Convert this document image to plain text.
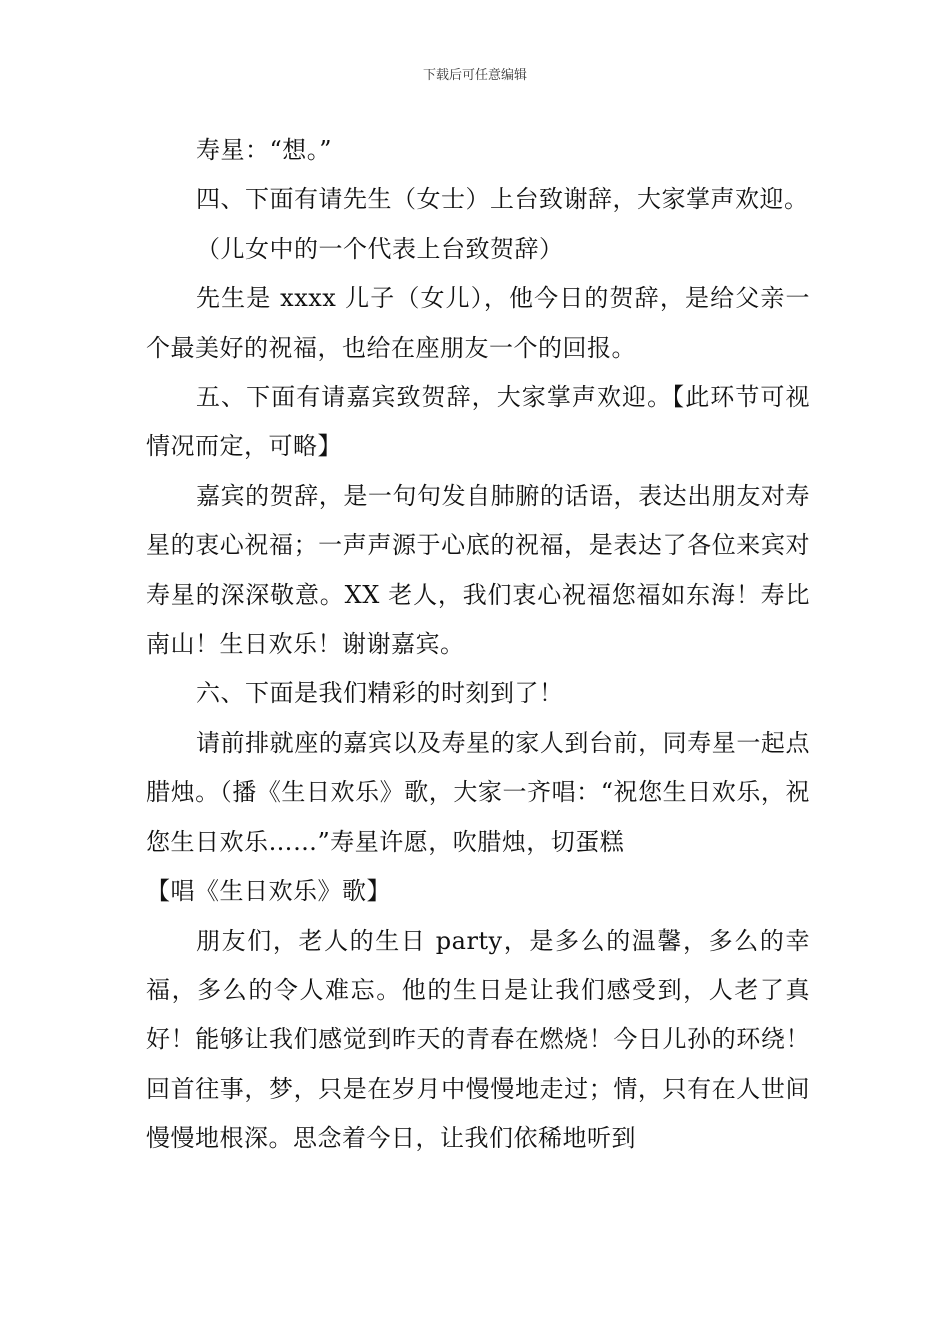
下载后可任意编辑

寿星：“想。”

四、下面有请先生（女士）上台致谢辞，大家掌声欢迎。

（儿女中的一个代表上台致贺辞）

先生是 xxxx 儿子（女儿），他今日的贺辞，是给父亲一个最美好的祝福，也给在座朋友一个的回报。

五、下面有请嘉宾致贺辞，大家掌声欢迎。【此环节可视情况而定，可略】

嘉宾的贺辞，是一句句发自肺腑的话语，表达出朋友对寿星的衷心祝福；一声声源于心底的祝福，是表达了各位来宾对寿星的深深敬意。XX 老人，我们衷心祝福您福如东海！寿比南山！生日欢乐！谢谢嘉宾。

六、下面是我们精彩的时刻到了！

请前排就座的嘉宾以及寿星的家人到台前，同寿星一起点腊烛。（播《生日欢乐》歌，大家一齐唱：“祝您生日欢乐，祝您生日欢乐……”寿星许愿，吹腊烛，切蛋糕

【唱《生日欢乐》歌】

朋友们，老人的生日 party，是多么的温馨，多么的幸福，多么的令人难忘。他的生日是让我们感受到，人老了真好！能够让我们感觉到昨天的青春在燃烧！今日儿孙的环绕！回首往事，梦，只是在岁月中慢慢地走过；情，只有在人世间慢慢地根深。思念着今日，让我们依稀地听到
